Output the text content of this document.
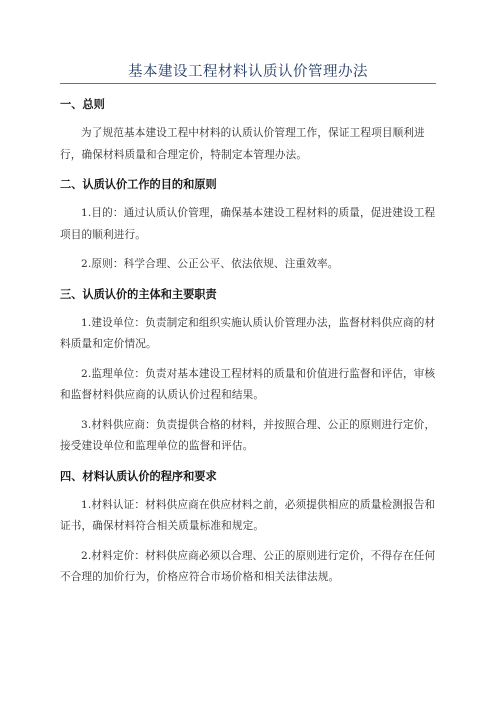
基本建设工程材料认质认价管理办法

一、总则

为了规范基本建设工程中材料的认质认价管理工作，保证工程项目顺利进行，确保材料质量和合理定价，特制定本管理办法。

二、认质认价工作的目的和原则

1.目的：通过认质认价管理，确保基本建设工程材料的质量，促进建设工程项目的顺利进行。

2.原则：科学合理、公正公平、依法依规、注重效率。

三、认质认价的主体和主要职责

1.建设单位：负责制定和组织实施认质认价管理办法，监督材料供应商的材料质量和定价情况。

2.监理单位：负责对基本建设工程材料的质量和价值进行监督和评估，审核和监督材料供应商的认质认价过程和结果。

3.材料供应商：负责提供合格的材料，并按照合理、公正的原则进行定价，接受建设单位和监理单位的监督和评估。

四、材料认质认价的程序和要求

1.材料认证：材料供应商在供应材料之前，必须提供相应的质量检测报告和证书，确保材料符合相关质量标准和规定。

2.材料定价：材料供应商必须以合理、公正的原则进行定价，不得存在任何不合理的加价行为，价格应符合市场价格和相关法律法规。
